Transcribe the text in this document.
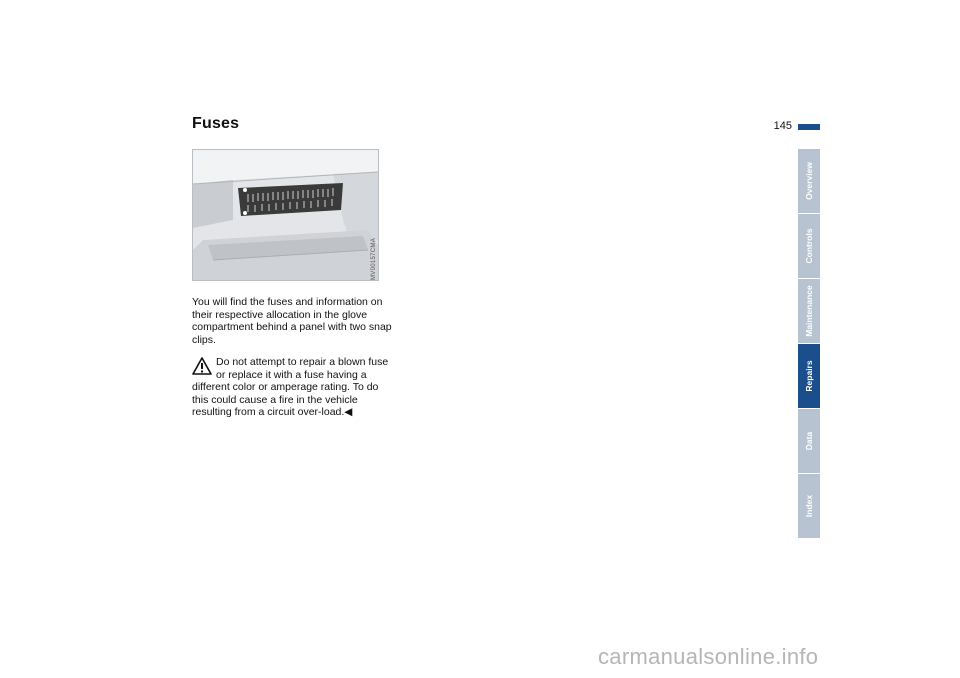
Fuses	145
MV00157CMA
You will find the fuses and information on their respective allocation in the glove compartment behind a panel with two snap clips.
Do not attempt to repair a blown fuse or replace it with a fuse having a different color or amperage rating. To do this could cause a fire in the vehicle resulting from a circuit over-load.◀
Overview
Controls
Maintenance
Repairs
Data
Index
carmanualsonline.info
